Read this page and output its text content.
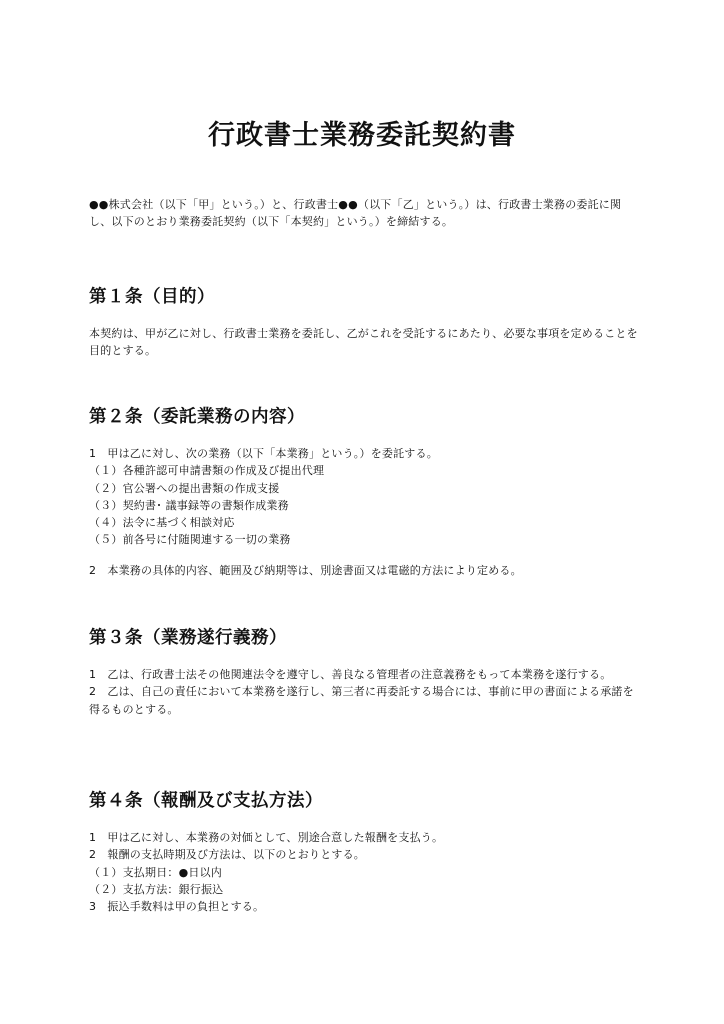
行政書士業務委託契約書
●●株式会社（以下「甲」という。）と、行政書士●●（以下「乙」という。）は、行政書士業務の委託に関し、以下のとおり業務委託契約（以下「本契約」という。）を締結する。
第１条（目的）
本契約は、甲が乙に対し、行政書士業務を委託し、乙がこれを受託するにあたり、必要な事項を定めることを目的とする。
第２条（委託業務の内容）
1　甲は乙に対し、次の業務（以下「本業務」という。）を委託する。
（１）各種許認可申請書類の作成及び提出代理
（２）官公署への提出書類の作成支援
（３）契約書･ 議事録等の書類作成業務
（４）法令に基づく相談対応
（５）前各号に付随関連する一切の業務
2　本業務の具体的内容、範囲及び納期等は、別途書面又は電磁的方法により定める。
第３条（業務遂行義務）
1　乙は、行政書士法その他関連法令を遵守し、善良なる管理者の注意義務をもって本業務を遂行する。
2　乙は、自己の責任において本業務を遂行し、第三者に再委託する場合には、事前に甲の書面による承諾を得るものとする。
第４条（報酬及び支払方法）
1　甲は乙に対し、本業務の対価として、別途合意した報酬を支払う。
2　報酬の支払時期及び方法は、以下のとおりとする。
（１）支払期日：●日以内
（２）支払方法：銀行振込
3　振込手数料は甲の負担とする。
